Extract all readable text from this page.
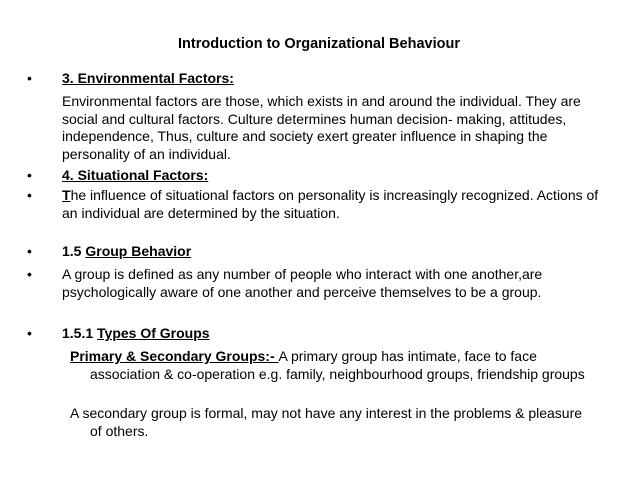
Introduction to Organizational Behaviour
• 3. Environmental Factors:
Environmental factors are those, which exists in and around the individual. They are social and cultural factors. Culture determines human decision- making, attitudes, independence, Thus, culture and society exert greater influence in shaping the personality of an individual.
• 4. Situational Factors:
• The influence of situational factors on personality is increasingly recognized. Actions of an individual are determined by the situation.
• 1.5 Group Behavior
• A group is defined as any number of people who interact with one another,are psychologically aware of one another and perceive themselves to be a group.
• 1.5.1 Types Of Groups
Primary & Secondary Groups:- A primary group has intimate, face to face association & co-operation e.g. family, neighbourhood groups, friendship groups
A secondary group is formal, may not have any interest in the problems & pleasure of others.
